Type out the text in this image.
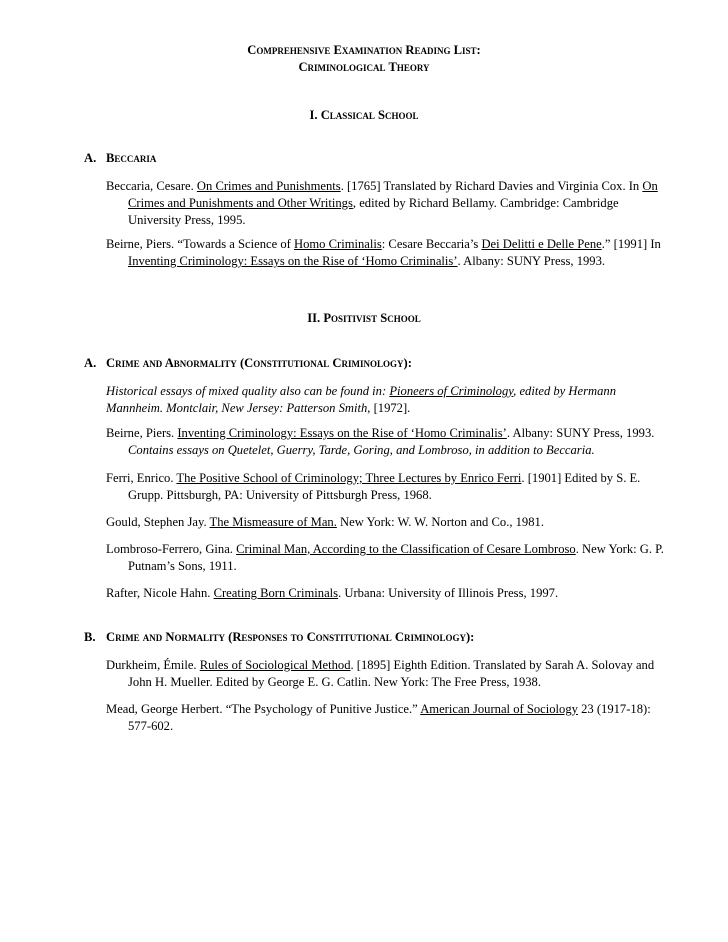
Comprehensive Examination Reading List:
Criminological Theory
I. Classical School
A. Beccaria
Beccaria, Cesare. On Crimes and Punishments. [1765] Translated by Richard Davies and Virginia Cox. In On Crimes and Punishments and Other Writings, edited by Richard Bellamy. Cambridge: Cambridge University Press, 1995.
Beirne, Piers. “Towards a Science of Homo Criminalis: Cesare Beccaria’s Dei Delitti e Delle Pene.” [1991] In Inventing Criminology: Essays on the Rise of ‘Homo Criminalis’. Albany: SUNY Press, 1993.
II. Positivist School
A. Crime and Abnormality (Constitutional Criminology):
Historical essays of mixed quality also can be found in: Pioneers of Criminology, edited by Hermann Mannheim. Montclair, New Jersey: Patterson Smith, [1972].
Beirne, Piers. Inventing Criminology: Essays on the Rise of ‘Homo Criminalis’. Albany: SUNY Press, 1993. Contains essays on Quetelet, Guerry, Tarde, Goring, and Lombroso, in addition to Beccaria.
Ferri, Enrico. The Positive School of Criminology; Three Lectures by Enrico Ferri. [1901] Edited by S. E. Grupp. Pittsburgh, PA: University of Pittsburgh Press, 1968.
Gould, Stephen Jay. The Mismeasure of Man. New York: W. W. Norton and Co., 1981.
Lombroso-Ferrero, Gina. Criminal Man, According to the Classification of Cesare Lombroso. New York: G. P. Putnam’s Sons, 1911.
Rafter, Nicole Hahn. Creating Born Criminals. Urbana: University of Illinois Press, 1997.
B. Crime and Normality (Responses to Constitutional Criminology):
Durkheim, Émile. Rules of Sociological Method. [1895] Eighth Edition. Translated by Sarah A. Solovay and John H. Mueller. Edited by George E. G. Catlin. New York: The Free Press, 1938.
Mead, George Herbert. “The Psychology of Punitive Justice.” American Journal of Sociology 23 (1917-18): 577-602.
